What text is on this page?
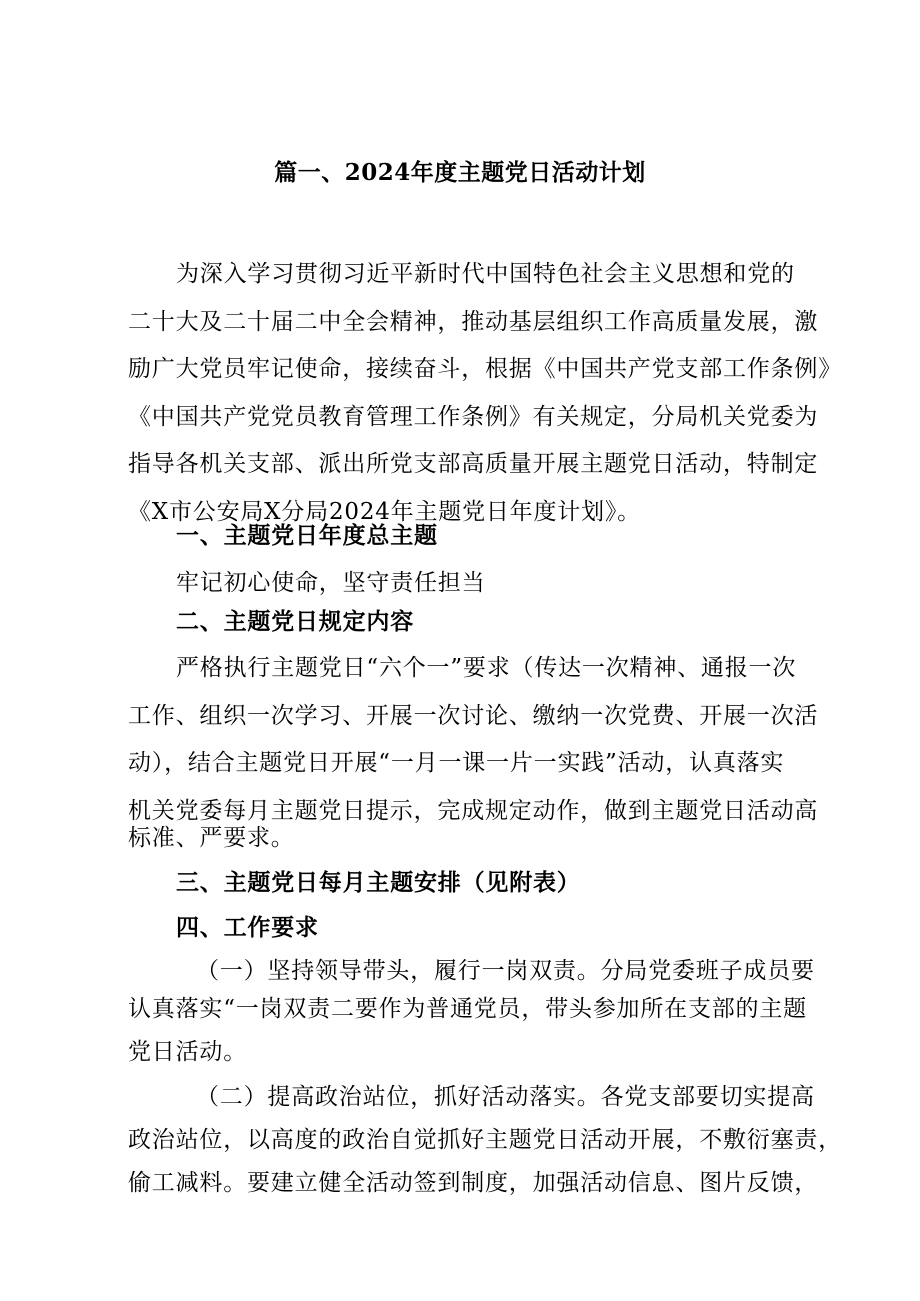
篇一、2024年度主题党日活动计划
为深入学习贯彻习近平新时代中国特色社会主义思想和党的
二十大及二十届二中全会精神，推动基层组织工作高质量发展，激
励广大党员牢记使命，接续奋斗，根据《中国共产党支部工作条例》
《中国共产党党员教育管理工作条例》有关规定，分局机关党委为
指导各机关支部、派出所党支部高质量开展主题党日活动，特制定
《X市公安局X分局2024年主题党日年度计划》。
一、主题党日年度总主题
牢记初心使命，坚守责任担当
二、主题党日规定内容
严格执行主题党日“六个一”要求（传达一次精神、通报一次
工作、组织一次学习、开展一次讨论、缴纳一次党费、开展一次活
动），结合主题党日开展“一月一课一片一实践”活动，认真落实
机关党委每月主题党日提示，完成规定动作，做到主题党日活动高
标准、严要求。
三、主题党日每月主题安排（见附表）
四、工作要求
（一）坚持领导带头，履行一岗双责。分局党委班子成员要
认真落实“一岗双责二要作为普通党员，带头参加所在支部的主题
党日活动。
（二）提高政治站位，抓好活动落实。各党支部要切实提高
政治站位，以高度的政治自觉抓好主题党日活动开展，不敷衍塞责，
偷工减料。要建立健全活动签到制度，加强活动信息、图片反馈，
